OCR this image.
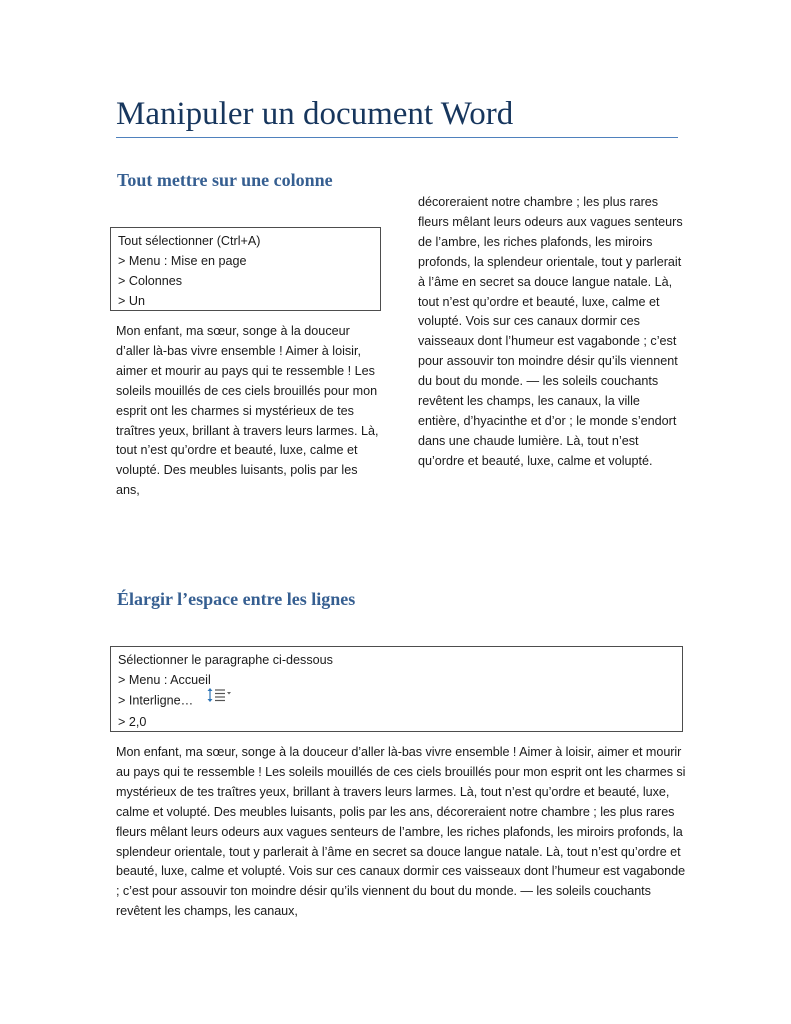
Manipuler un document Word
Tout mettre sur une colonne
Tout sélectionner (Ctrl+A)
> Menu : Mise en page
> Colonnes
> Un

Mon enfant, ma sœur, songe à la douceur d’aller là-bas vivre ensemble ! Aimer à loisir, aimer et mourir au pays qui te ressemble ! Les soleils mouillés de ces ciels brouillés pour mon esprit ont les charmes si mystérieux de tes traîtres yeux, brillant à travers leurs larmes. Là, tout n’est qu’ordre et beauté, luxe, calme et volupté. Des meubles luisants, polis par les ans,

décoreraient notre chambre ; les plus rares fleurs mêlant leurs odeurs aux vagues senteurs de l’ambre, les riches plafonds, les miroirs profonds, la splendeur orientale, tout y parlerait à l’âme en secret sa douce langue natale. Là, tout n’est qu’ordre et beauté, luxe, calme et volupté. Vois sur ces canaux dormir ces vaisseaux dont l’humeur est vagabonde ; c’est pour assouvir ton moindre désir qu’ils viennent du bout du monde. — les soleils couchants revêtent les champs, les canaux, la ville entière, d’hyacinthe et d’or ; le monde s’endort dans une chaude lumière. Là, tout n’est qu’ordre et beauté, luxe, calme et volupté.

Élargir l’espace entre les lignes
Sélectionner le paragraphe ci-dessous
> Menu : Accueil
> Interligne…
> 2,0

Mon enfant, ma sœur, songe à la douceur d’aller là-bas vivre ensemble ! Aimer à loisir, aimer et mourir au pays qui te ressemble ! Les soleils mouillés de ces ciels brouillés pour mon esprit ont les charmes si mystérieux de tes traîtres yeux, brillant à travers leurs larmes. Là, tout n’est qu’ordre et beauté, luxe, calme et volupté. Des meubles luisants, polis par les ans, décoreraient notre chambre ; les plus rares fleurs mêlant leurs odeurs aux vagues senteurs de l’ambre, les riches plafonds, les miroirs profonds, la splendeur orientale, tout y parlerait à l’âme en secret sa douce langue natale. Là, tout n’est qu’ordre et beauté, luxe, calme et volupté. Vois sur ces canaux dormir ces vaisseaux dont l’humeur est vagabonde ; c’est pour assouvir ton moindre désir qu’ils viennent du bout du monde. — les soleils couchants revêtent les champs, les canaux,
